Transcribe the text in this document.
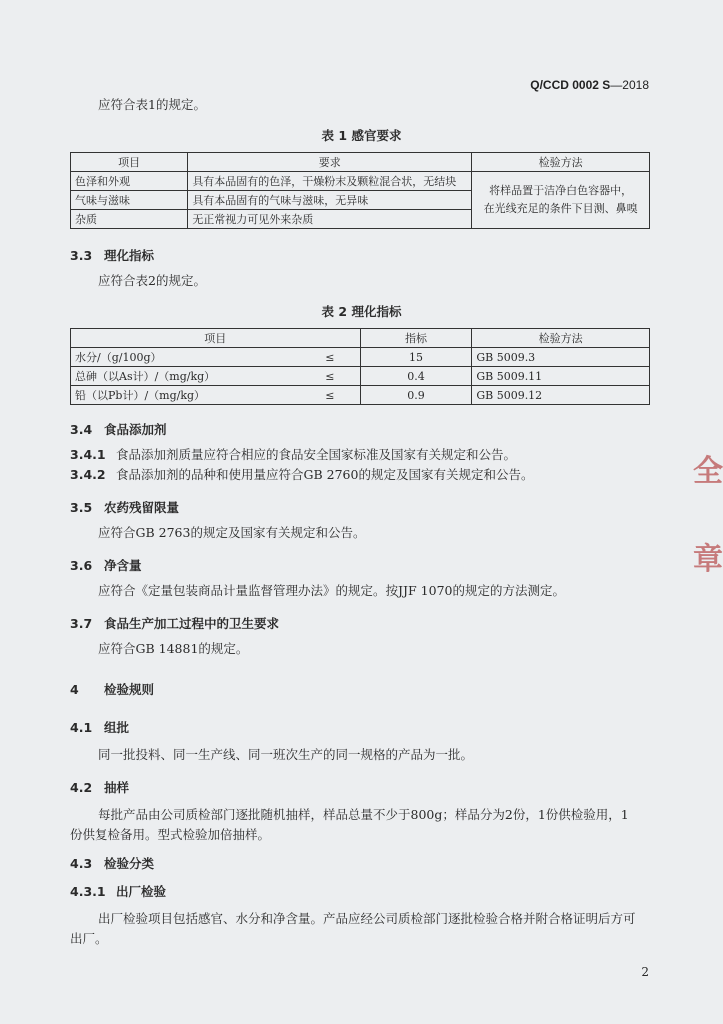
Q/CCD 0002 S—2018
应符合表1的规定。
表 1 感官要求
项目	要求	检验方法
色泽和外观	具有本品固有的色泽，干燥粉末及颗粒混合状，无结块	将样品置于洁净白色容器中，
在光线充足的条件下目测、鼻嗅

气味与滋味	具有本品固有的气味与滋味，无异味	
杂质	无正常视力可见外来杂质	
3.3 理化指标
应符合表2的规定。
表 2 理化指标
项目		指标	检验方法
水分/（g/100g）	≤	15	GB 5009.3
总砷（以As计）/（mg/kg）	≤	0.4	GB 5009.11
铅（以Pb计）/（mg/kg）	≤	0.9	GB 5009.12
3.4 食品添加剂
3.4.1 食品添加剂质量应符合相应的食品安全国家标准及国家有关规定和公告。
3.4.2 食品添加剂的品种和使用量应符合GB 2760的规定及国家有关规定和公告。
3.5 农药残留限量
应符合GB 2763的规定及国家有关规定和公告。
3.6 净含量
应符合《定量包装商品计量监督管理办法》的规定。按JJF 1070的规定的方法测定。
3.7 食品生产加工过程中的卫生要求
应符合GB 14881的规定。
4 检验规则
4.1 组批
同一批投料、同一生产线、同一班次生产的同一规格的产品为一批。
4.2 抽样
每批产品由公司质检部门逐批随机抽样，样品总量不少于800g；样品分为2份，1份供检验用，1
份供复检备用。型式检验加倍抽样。
4.3 检验分类
4.3.1 出厂检验
出厂检验项目包括感官、水分和净含量。产品应经公司质检部门逐批检验合格并附合格证明后方可
出厂。
全
章
2
